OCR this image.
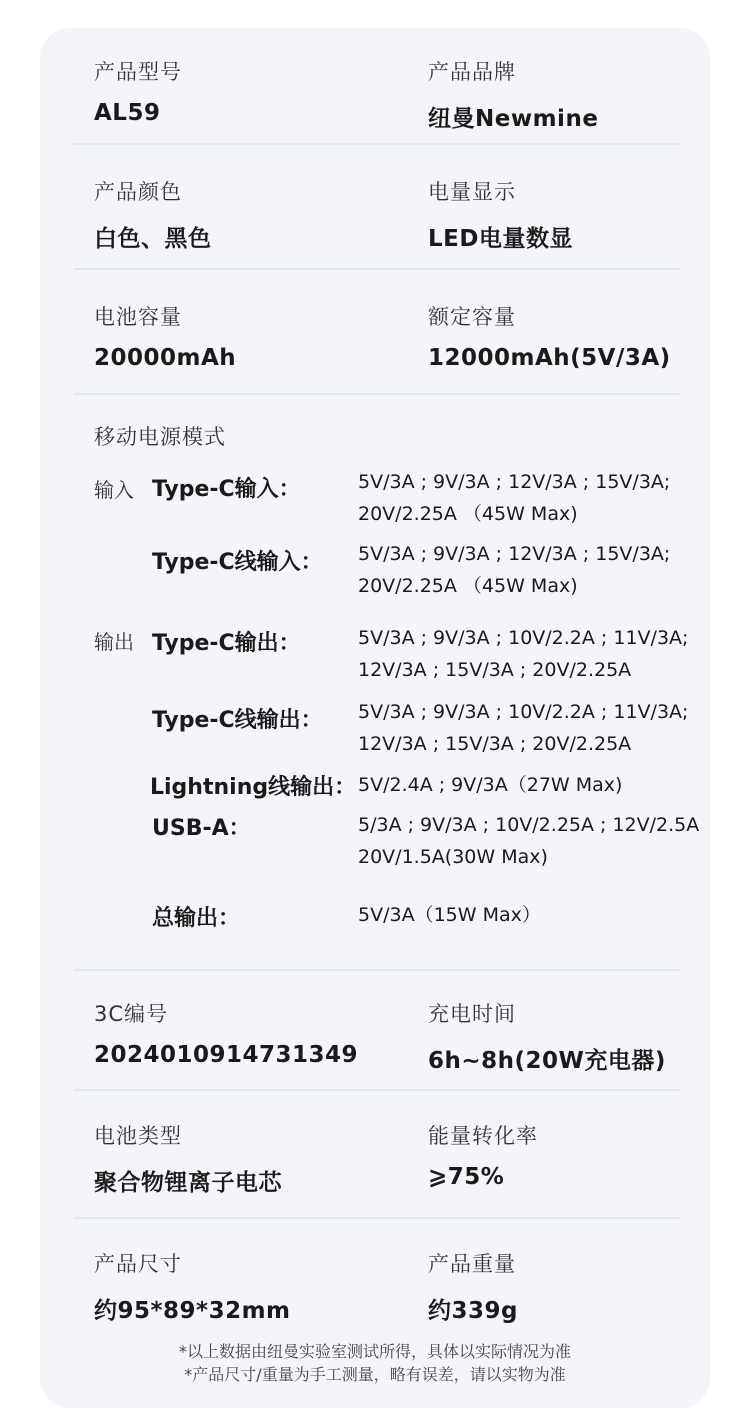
产品型号
AL59
产品品牌
纽曼Newmine
产品颜色
白色、黑色
电量显示
LED电量数显
电池容量
20000mAh
额定容量
12000mAh(5V/3A)
移动电源模式
输入 Type-C输入：	5V/3A ; 9V/3A ; 12V/3A ; 15V/3A;
20V/2.25A （45W Max)
Type-C线输入： 5V/3A ; 9V/3A ; 12V/3A ; 15V/3A;
20V/2.25A （45W Max)
输出 Type-C输出：	5V/3A ; 9V/3A ; 10V/2.2A ; 11V/3A;
12V/3A ; 15V/3A ; 20V/2.25A
Type-C线输出： 5V/3A ; 9V/3A ; 10V/2.2A ; 11V/3A;
12V/3A ; 15V/3A ; 20V/2.25A
Lightning线输出： 5V/2.4A ; 9V/3A（27W Max)
USB-A：	5/3A ; 9V/3A ; 10V/2.25A ; 12V/2.5A
20V/1.5A(30W Max)
总输出：	5V/3A（15W Max）
3C编号
2024010914731349
充电时间
6h~8h(20W充电器)
电池类型
聚合物锂离子电芯
能量转化率
⩾75%
产品尺寸
约95*89*32mm
产品重量
约339g
*以上数据由纽曼实验室测试所得，具体以实际情况为准
*产品尺寸/重量为手工测量，略有误差，请以实物为准
